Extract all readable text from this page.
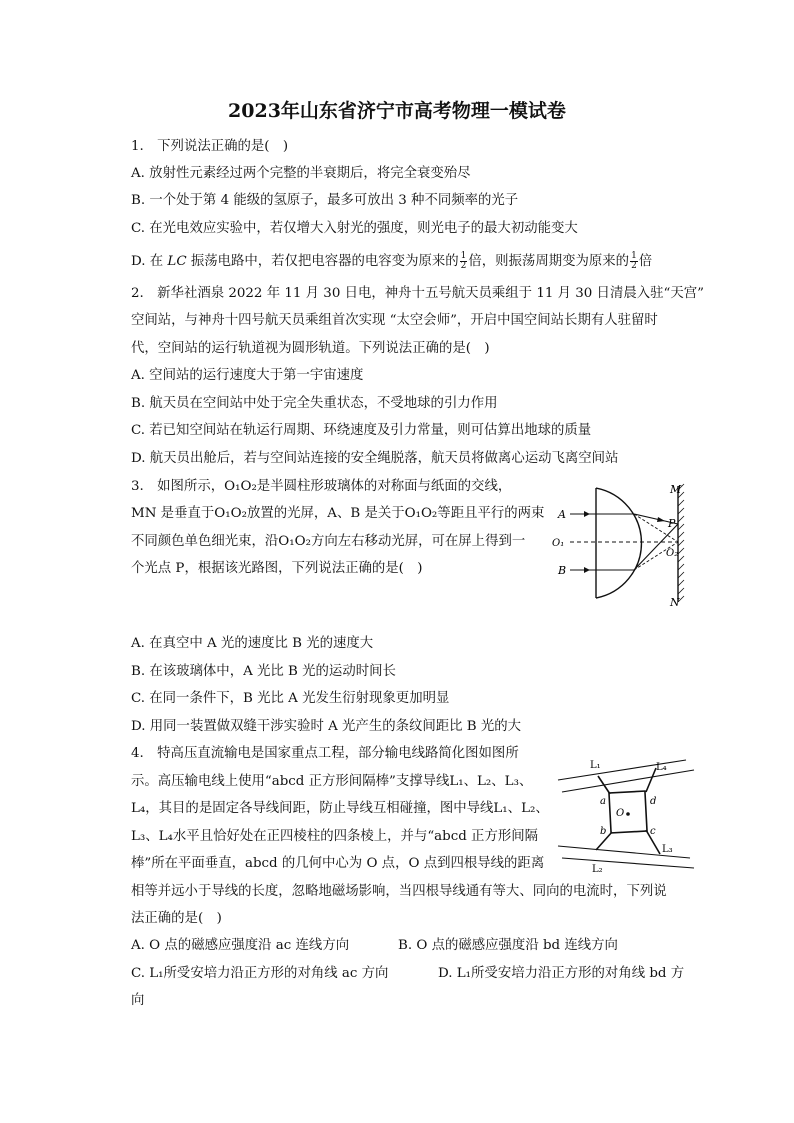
2023年山东省济宁市高考物理一模试卷
1.　下列说法正确的是(　)
A. 放射性元素经过两个完整的半衰期后，将完全衰变殆尽
B. 一个处于第 4 能级的氢原子，最多可放出 3 种不同频率的光子
C. 在光电效应实验中，若仅增大入射光的强度，则光电子的最大初动能变大
D. 在 LC 振荡电路中，若仅把电容器的电容变为原来的 $\frac{1}{2}$ 倍，则振荡周期变为原来的 $\frac{1}{2}$ 倍
2.　新华社酒泉 2022 年 11 月 30 日电，神舟十五号航天员乘组于 11 月 30 日清晨入驻“天宫”
空间站，与神舟十四号航天员乘组首次实现 “太空会师”，开启中国空间站长期有人驻留时
代，空间站的运行轨道视为圆形轨道。下列说法正确的是(　)
A. 空间站的运行速度大于第一宇宙速度
B. 航天员在空间站中处于完全失重状态，不受地球的引力作用
C. 若已知空间站在轨运行周期、环绕速度及引力常量，则可估算出地球的质量
D. 航天员出舱后，若与空间站连接的安全绳脱落，航天员将做离心运动飞离空间站
3.　如图所示，O₁O₂是半圆柱形玻璃体的对称面与纸面的交线，
MN 是垂直于O₁O₂放置的光屏，A、B 是关于O₁O₂等距且平行的两束
不同颜色单色细光束，沿O₁O₂方向左右移动光屏，可在屏上得到一
个光点 P，根据该光路图，下列说法正确的是(　)
M
N
A
B
P
O₁
O₂
A. 在真空中 A 光的速度比 B 光的速度大
B. 在该玻璃体中，A 光比 B 光的运动时间长
C. 在同一条件下，B 光比 A 光发生衍射现象更加明显
D. 用同一装置做双缝干涉实验时 A 光产生的条纹间距比 B 光的大
4.　特高压直流输电是国家重点工程，部分输电线路简化图如图所
示。高压输电线上使用“abcd 正方形间隔棒”支撑导线L₁、L₂、L₃、
L₄，其目的是固定各导线间距，防止导线互相碰撞，图中导线L₁、L₂、
L₃、L₄水平且恰好处在正四棱柱的四条棱上，并与“abcd 正方形间隔
棒”所在平面垂直，abcd 的几何中心为 O 点，O 点到四根导线的距离
相等并远小于导线的长度，忽略地磁场影响，当四根导线通有等大、同向的电流时，下列说
法正确的是(　)
L₁	L₄
L₂
L₃
a	d
b	c
O
A. O 点的磁感应强度沿 ac 连线方向	B. O 点的磁感应强度沿 bd 连线方向
C. L₁所受安培力沿正方形的对角线 ac 方向	D. L₁所受安培力沿正方形的对角线 bd 方
向
